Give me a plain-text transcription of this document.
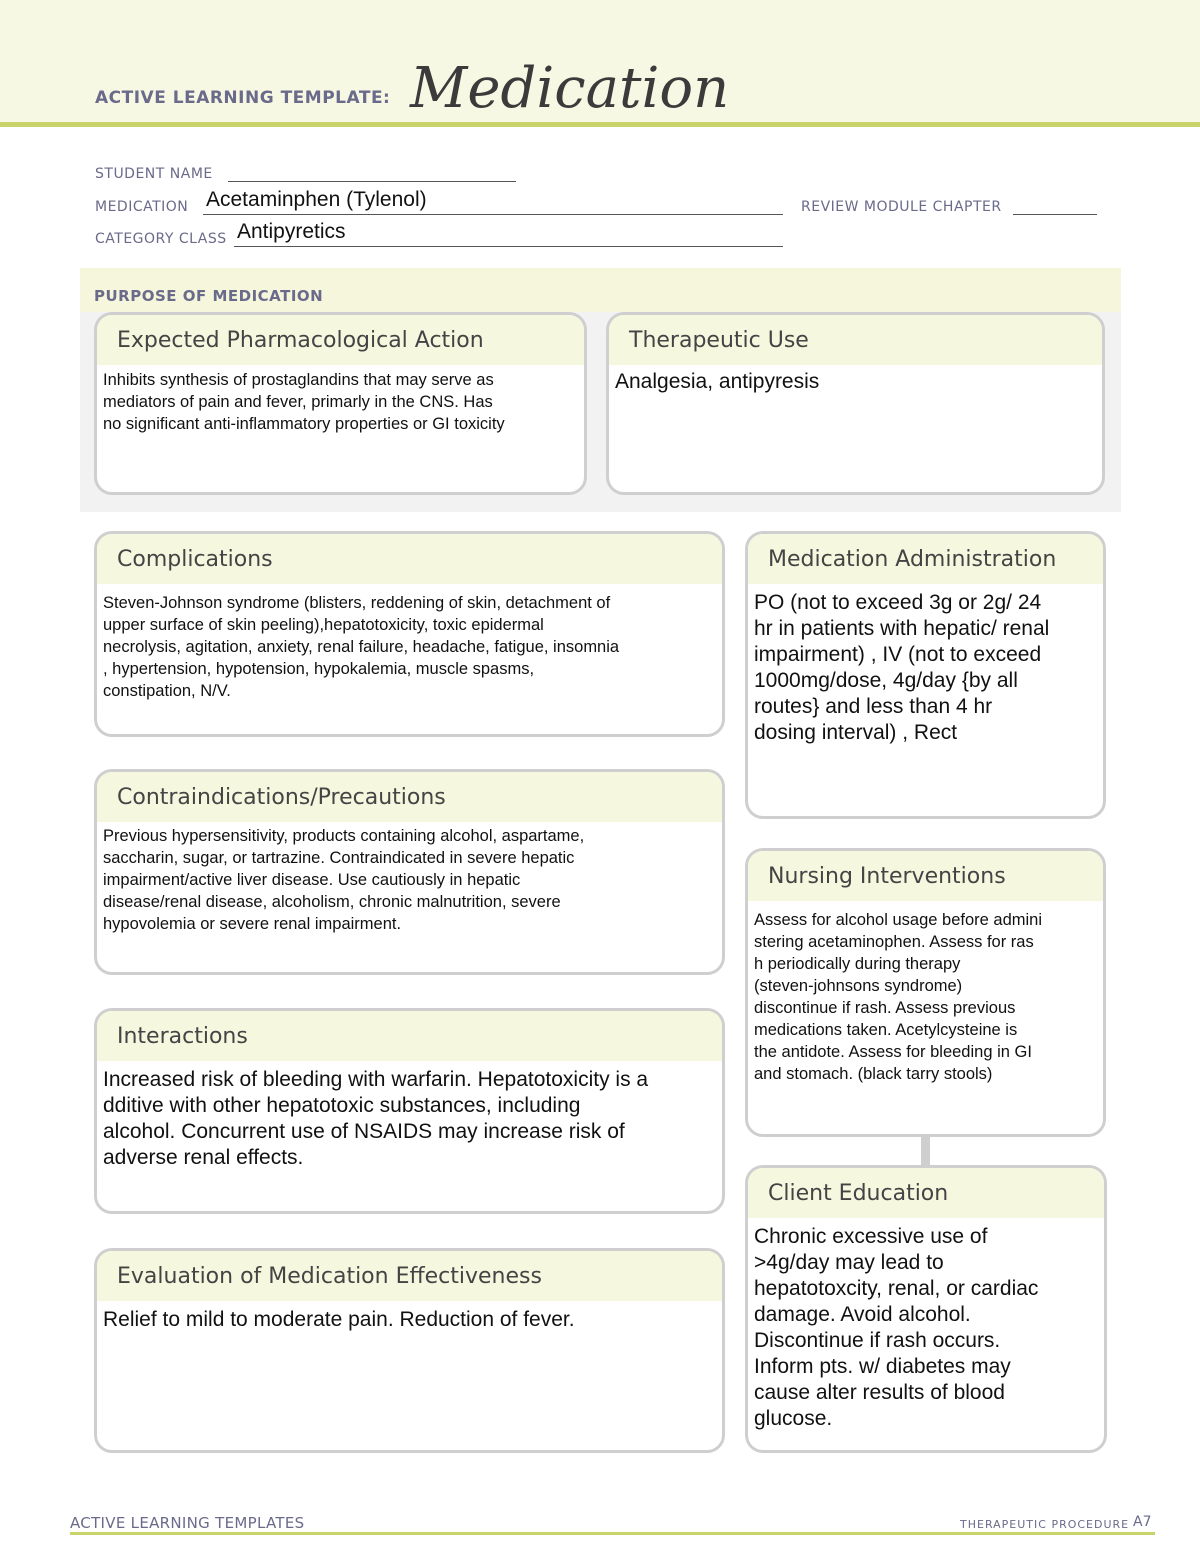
ACTIVE LEARNING TEMPLATE: Medication
STUDENT NAME
MEDICATION Acetaminphen (Tylenol)	REVIEW MODULE CHAPTER
CATEGORY CLASS Antipyretics
PURPOSE OF MEDICATION
Expected Pharmacological Action
Inhibits synthesis of prostaglandins that may serve as
mediators of pain and fever, primarly in the CNS. Has
no significant anti-inflammatory properties or GI toxicity
Therapeutic Use
Analgesia, antipyresis
Complications
Steven-Johnson syndrome (blisters, reddening of skin, detachment of
upper surface of skin peeling),hepatotoxicity, toxic epidermal
necrolysis, agitation, anxiety, renal failure, headache, fatigue, insomnia
, hypertension, hypotension, hypokalemia, muscle spasms,
constipation, N/V.
Contraindications/Precautions
Previous hypersensitivity, products containing alcohol, aspartame,
saccharin, sugar, or tartrazine. Contraindicated in severe hepatic
impairment/active liver disease. Use cautiously in hepatic
disease/renal disease, alcoholism, chronic malnutrition, severe
hypovolemia or severe renal impairment.
Interactions
Increased risk of bleeding with warfarin. Hepatotoxicity is a
dditive with other hepatotoxic substances, including
alcohol. Concurrent use of NSAIDS may increase risk of
adverse renal effects.
Evaluation of Medication Effectiveness
Relief to mild to moderate pain. Reduction of fever.
Medication Administration
PO (not to exceed 3g or 2g/ 24
hr in patients with hepatic/ renal
impairment) , IV (not to exceed
1000mg/dose, 4g/day {by all
routes} and less than 4 hr
dosing interval) , Rect
Nursing Interventions
Assess for alcohol usage before admini
stering acetaminophen. Assess for ras
h periodically during therapy
(steven-johnsons syndrome)
discontinue if rash. Assess previous
medications taken. Acetylcysteine is
the antidote. Assess for bleeding in GI
and stomach. (black tarry stools)
Client Education
Chronic excessive use of
>4g/day may lead to
hepatotoxcity, renal, or cardiac
damage. Avoid alcohol.
Discontinue if rash occurs.
Inform pts. w/ diabetes may
cause alter results of blood
glucose.
ACTIVE LEARNING TEMPLATES	THERAPEUTIC PROCEDURE A7
